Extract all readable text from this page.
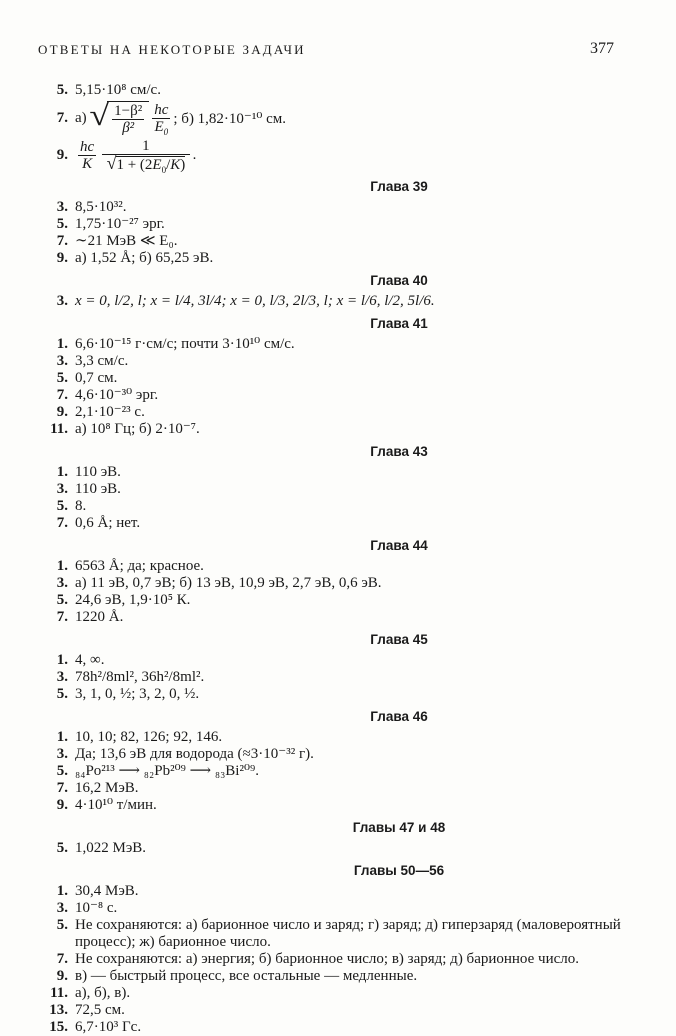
ОТВЕТЫ НА НЕКОТОРЫЕ ЗАДАЧИ	377

5 . 5,15·10⁸ см/с.

7 . а) √ $\frac{\text{1−β²}}{\text{β²}} \frac{hc}{E_0}$ ; б) 1,82·10⁻¹⁰ см.
9 . $\frac{hc}{K} \frac{1}{√1 + (2E_0/K)}$ .

Глава 39

3 . 8,5·10³².

5 . 1,75·10⁻²⁷ эрг.

7 . ∼21 МэВ ≪ E₀.

9 . а) 1,52 Å; б) 65,25 эВ.

Глава 40

3 . x = 0, l/2, l; x = l/4, 3l/4; x = 0, l/3, 2l/3, l; x = l/6, l/2, 5l/6.

Глава 41

1 . 6,6·10⁻¹⁵ г·см/с; почти 3·10¹⁰ см/с.

3 . 3,3 см/с.

5 . 0,7 см.

7 . 4,6·10⁻³⁰ эрг.

9 . 2,1·10⁻²³ с.

11 . а) 10⁸ Гц; б) 2·10⁻⁷.

Глава 43

1 . 110 эВ.

3 . 110 эВ.

5 . 8.

7 . 0,6 Å; нет.

Глава 44

1 . 6563 Å; да; красное.

3 . а) 11 эВ, 0,7 эВ; б) 13 эВ, 10,9 эВ, 2,7 эВ, 0,6 эВ.

5 . 24,6 эВ, 1,9·10⁵ К.

7 . 1220 Å.

Глава 45

1 . 4, ∞.

3 . 78h²/8ml², 36h²/8ml².

5 . 3, 1, 0, ½; 3, 2, 0, ½.

Глава 46

1 . 10, 10; 82, 126; 92, 146.

3 . Да; 13,6 эВ для водорода (≈3·10⁻³² г).

5 . ₈₄Po²¹³ ⟶ ₈₂Pb²⁰⁹ ⟶ ₈₃Bi²⁰⁹.

7 . 16,2 МэВ.

9 . 4·10¹⁰ т/мин.

Главы 47 и 48

5 . 1,022 МэВ.

Главы 50—56

1 . 30,4 МэВ.

3 . 10⁻⁸ с.

5 . Не сохраняются: а) барионное число и заряд; г) заряд; д) гиперзаряд (маловероятный процесс); ж) барионное число.

7 . Не сохраняются: а) энергия; б) барионное число; в) заряд; д) барионное число.

9 . в) — быстрый процесс, все остальные — медленные.

11 . а), б), в).

13 . 72,5 см.

15 . 6,7·10³ Гс.
